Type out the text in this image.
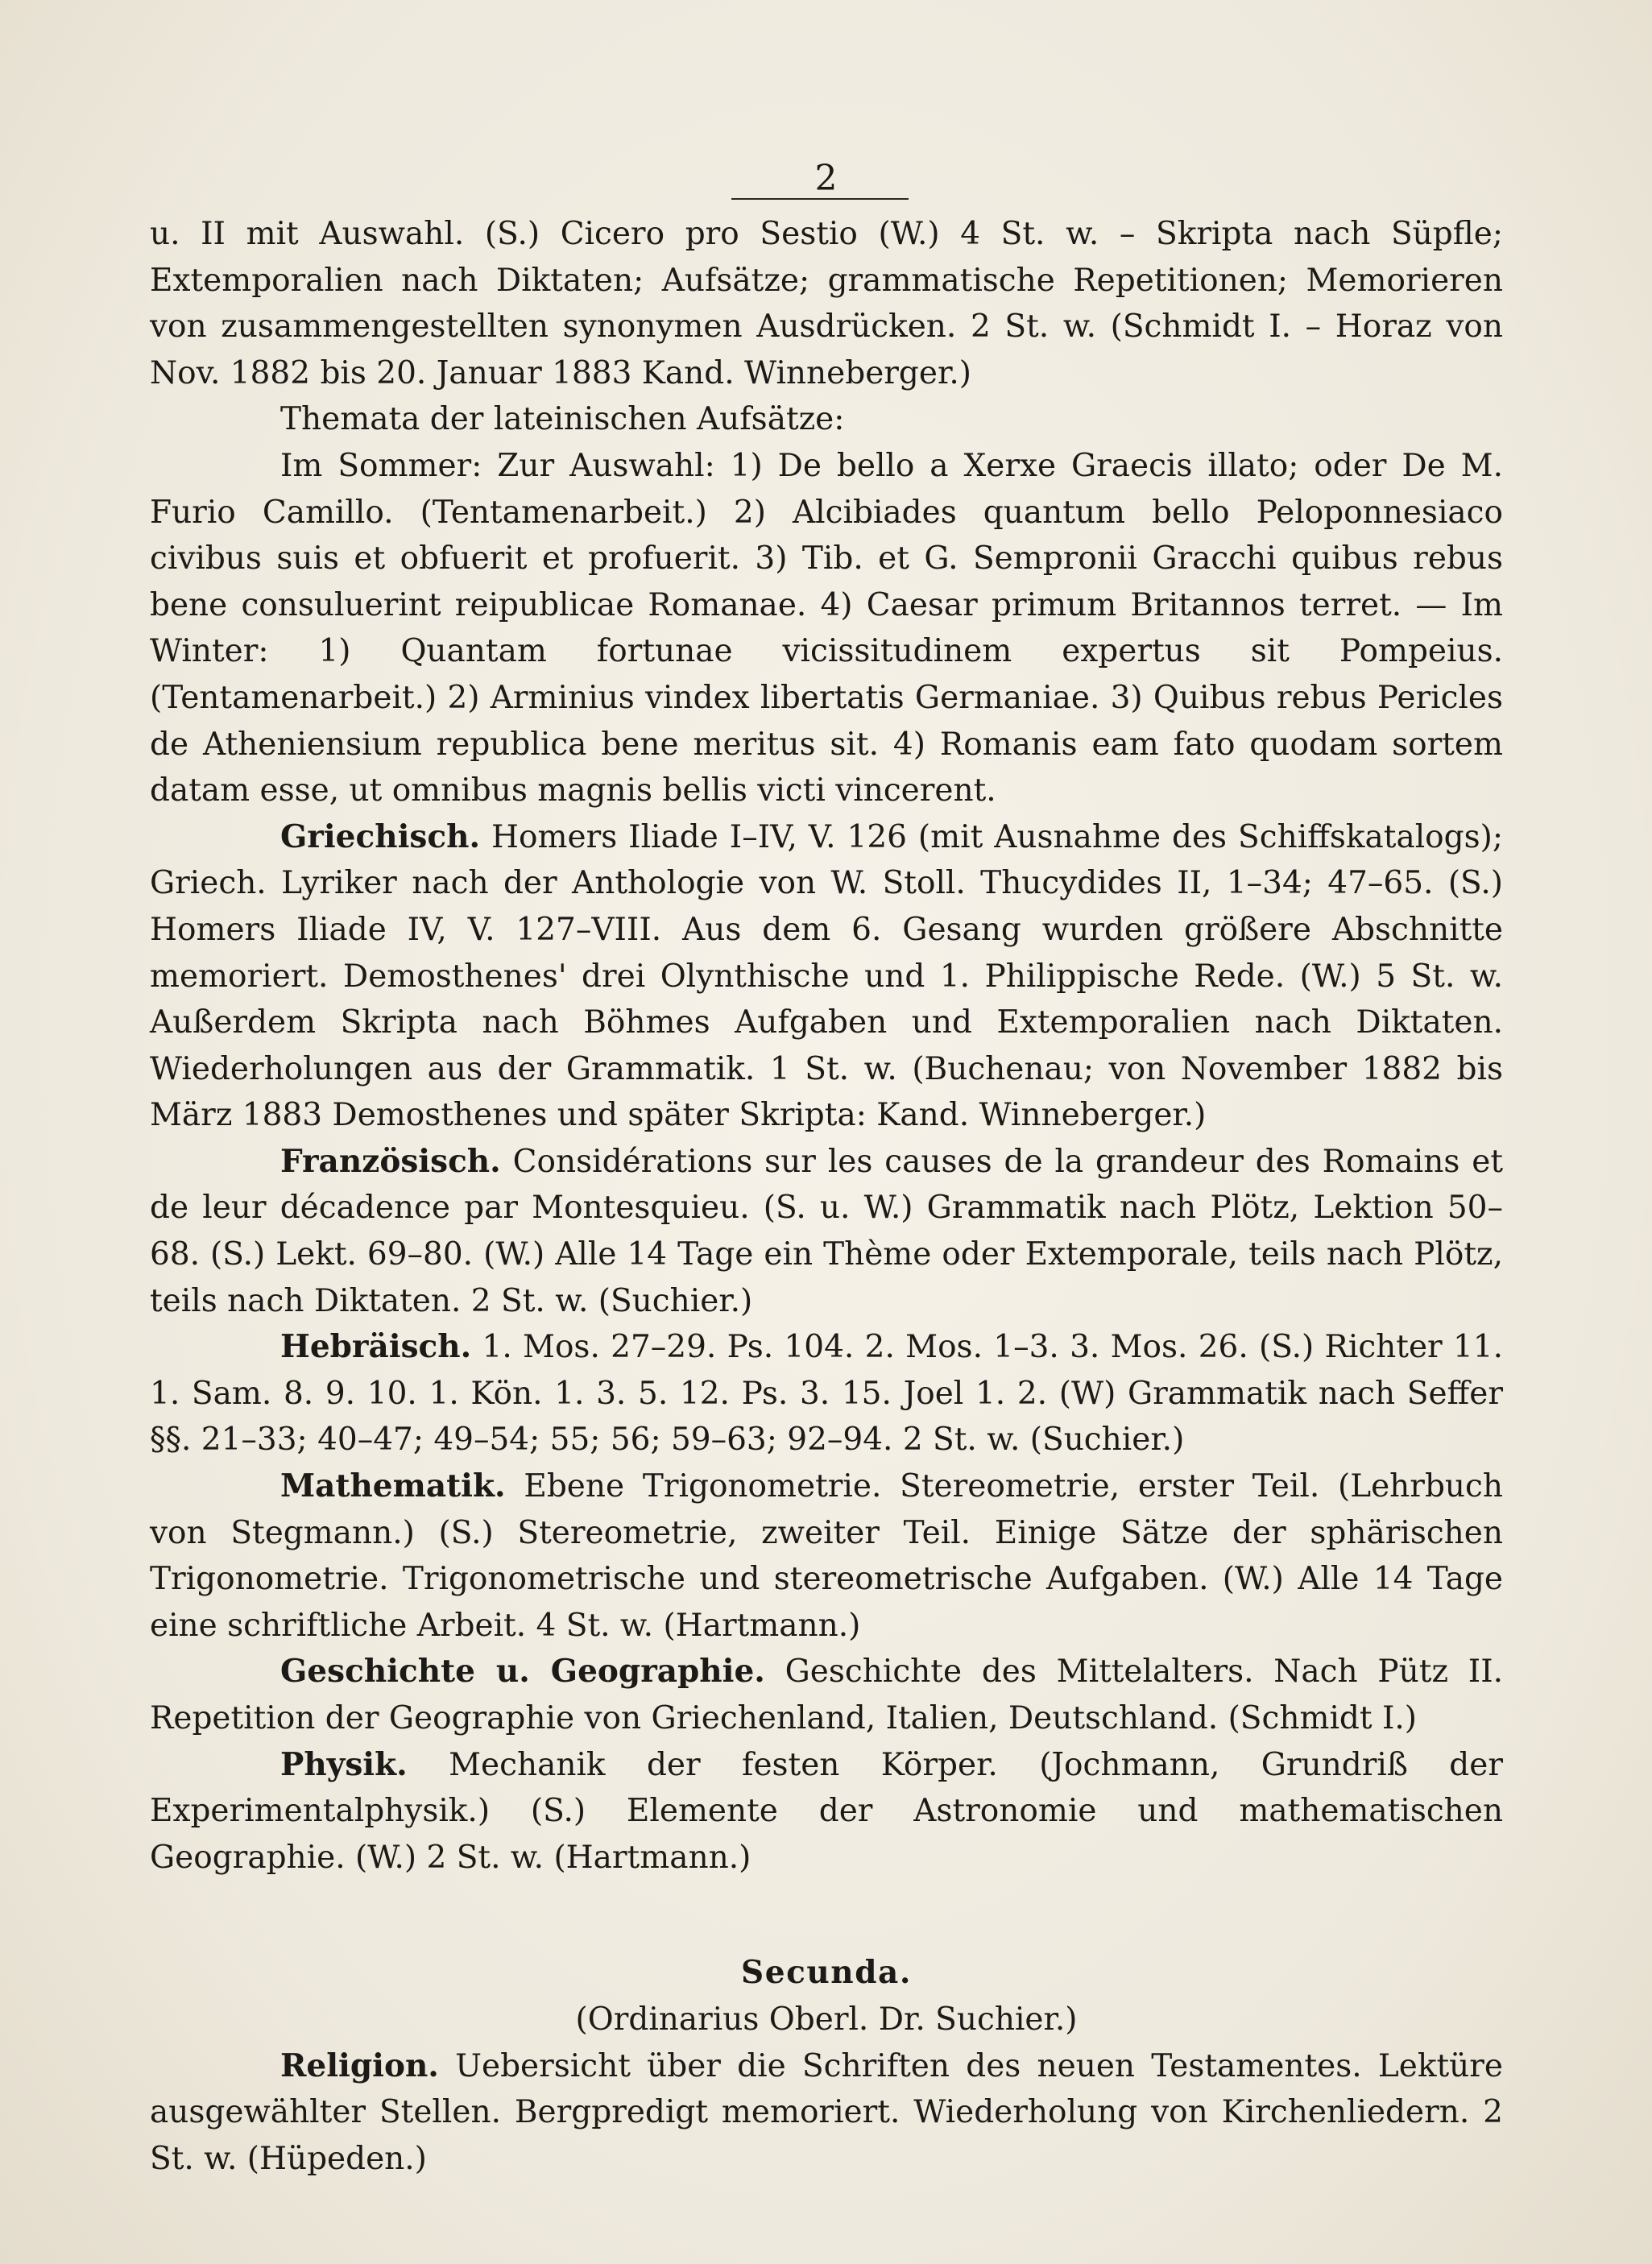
2

u. II mit Auswahl. (S.) Cicero pro Sestio (W.) 4 St. w. – Skripta nach Süpfle; Extemporalien nach Diktaten; Aufsätze; grammatische Repetitionen; Memorieren von zusammengestellten synonymen Ausdrücken. 2 St. w. (Schmidt I. – Horaz von Nov. 1882 bis 20. Januar 1883 Kand. Winneberger.)

Themata der lateinischen Aufsätze:

Im Sommer: Zur Auswahl: 1) De bello a Xerxe Graecis illato; oder De M. Furio Camillo. (Tentamenarbeit.) 2) Alcibiades quantum bello Peloponnesiaco civibus suis et obfuerit et profuerit. 3) Tib. et G. Sempronii Gracchi quibus rebus bene consuluerint reipublicae Romanae. 4) Caesar primum Britannos terret. — Im Winter: 1) Quantam fortunae vicissitudinem expertus sit Pompeius. (Tentamenarbeit.) 2) Arminius vindex libertatis Germaniae. 3) Quibus rebus Pericles de Atheniensium republica bene meritus sit. 4) Romanis eam fato quodam sortem datam esse, ut omnibus magnis bellis victi vincerent.

Griechisch. Homers Iliade I–IV, V. 126 (mit Ausnahme des Schiffskatalogs); Griech. Lyriker nach der Anthologie von W. Stoll. Thucydides II, 1–34; 47–65. (S.) Homers Iliade IV, V. 127–VIII. Aus dem 6. Gesang wurden größere Abschnitte memoriert. Demosthenes' drei Olynthische und 1. Philippische Rede. (W.) 5 St. w. Außerdem Skripta nach Böhmes Aufgaben und Extemporalien nach Diktaten. Wiederholungen aus der Grammatik. 1 St. w. (Buchenau; von November 1882 bis März 1883 Demosthenes und später Skripta: Kand. Winneberger.)

Französisch. Considérations sur les causes de la grandeur des Romains et de leur décadence par Montesquieu. (S. u. W.) Grammatik nach Plötz, Lektion 50–68. (S.) Lekt. 69–80. (W.) Alle 14 Tage ein Thème oder Extemporale, teils nach Plötz, teils nach Diktaten. 2 St. w. (Suchier.)

Hebräisch. 1. Mos. 27–29. Ps. 104. 2. Mos. 1–3. 3. Mos. 26. (S.) Richter 11. 1. Sam. 8. 9. 10. 1. Kön. 1. 3. 5. 12. Ps. 3. 15. Joel 1. 2. (W) Grammatik nach Seffer §§. 21–33; 40–47; 49–54; 55; 56; 59–63; 92–94. 2 St. w. (Suchier.)

Mathematik. Ebene Trigonometrie. Stereometrie, erster Teil. (Lehrbuch von Stegmann.) (S.) Stereometrie, zweiter Teil. Einige Sätze der sphärischen Trigonometrie. Trigonometrische und stereometrische Aufgaben. (W.) Alle 14 Tage eine schriftliche Arbeit. 4 St. w. (Hartmann.)

Geschichte u. Geographie. Geschichte des Mittelalters. Nach Pütz II. Repetition der Geographie von Griechenland, Italien, Deutschland. (Schmidt I.)

Physik. Mechanik der festen Körper. (Jochmann, Grundriß der Experimentalphysik.) (S.) Elemente der Astronomie und mathematischen Geographie. (W.) 2 St. w. (Hartmann.)

Secunda.

(Ordinarius Oberl. Dr. Suchier.)

Religion. Uebersicht über die Schriften des neuen Testamentes. Lektüre ausgewählter Stellen. Bergpredigt memoriert. Wiederholung von Kirchenliedern. 2 St. w. (Hüpeden.)
